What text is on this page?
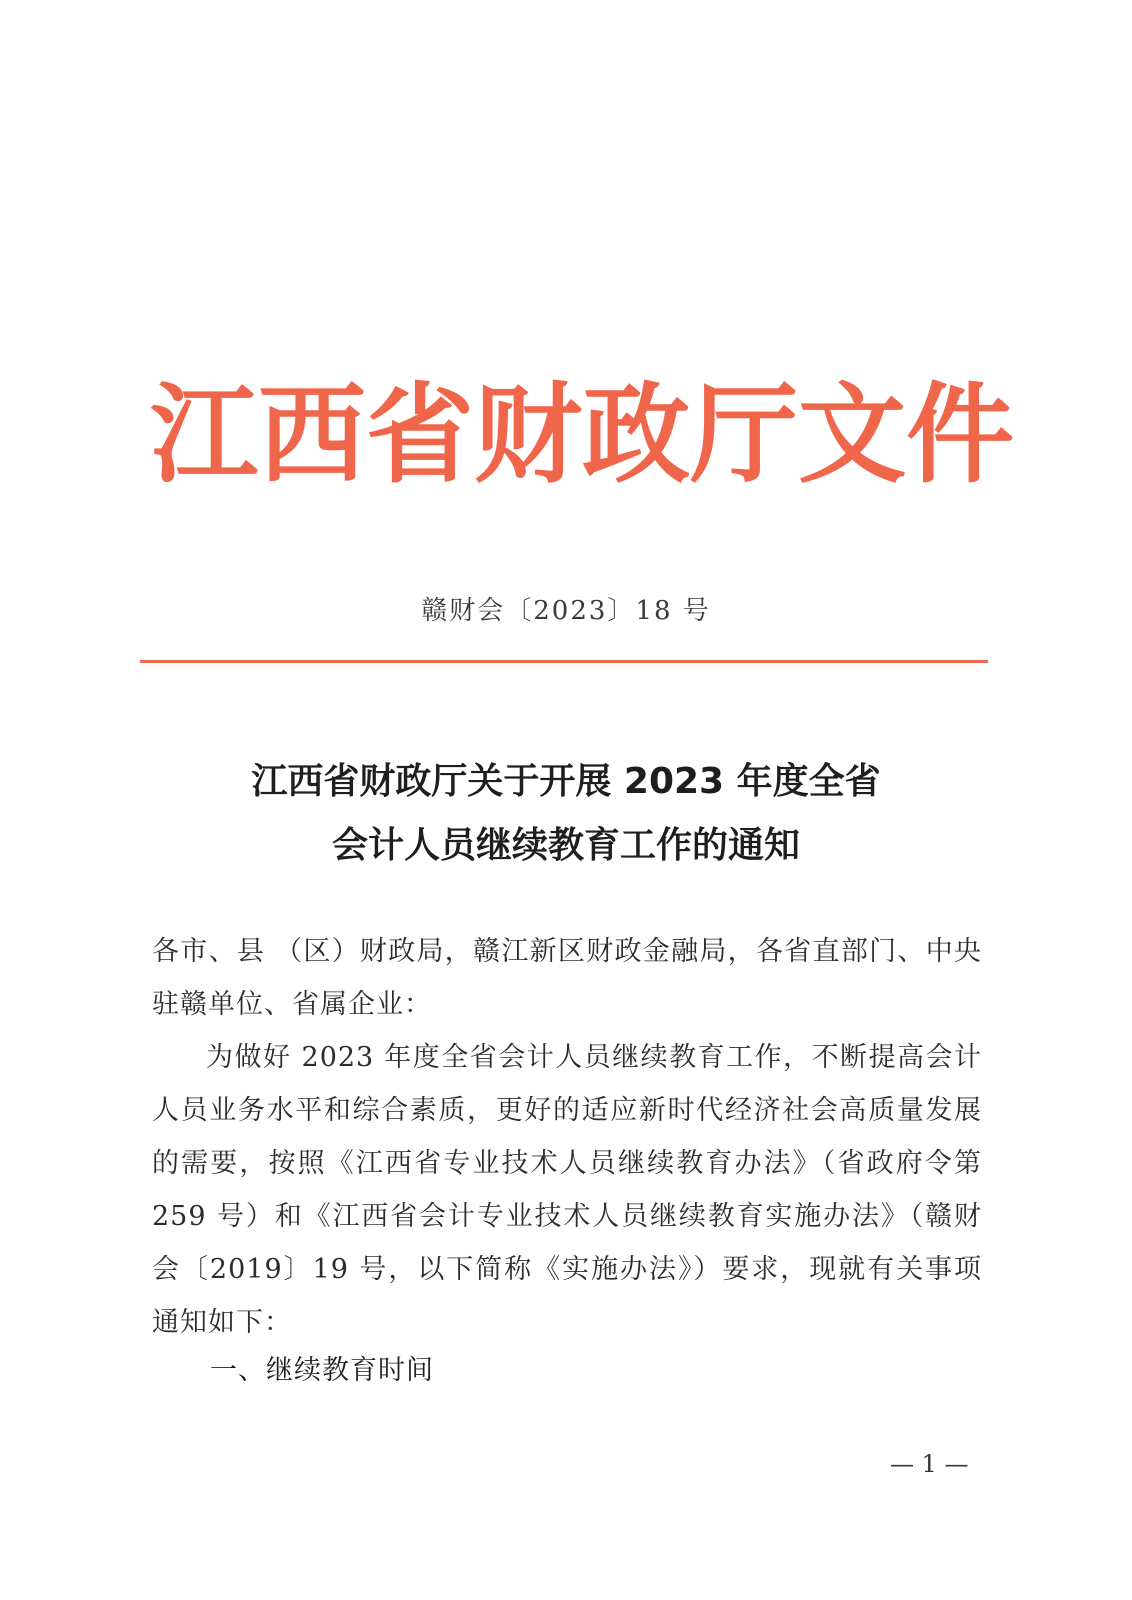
江 西 省 财 政 厅 文 件
赣财会〔2023〕18 号
江西省财政厅关于开展 2023 年度全省
会计人员继续教育工作的通知

各市、县 （区）财政局，赣江新区财政金融局，各省直部门、中央驻赣单位、省属企业：

为做好 2023 年度全省会计人员继续教育工作，不断提高会计人员业务水平和综合素质，更好的适应新时代经济社会高质量发展的需要，按照《江西省专业技术人员继续教育办法》（省政府令第 259 号）和《江西省会计专业技术人员继续教育实施办法》（赣财会〔2019〕19 号，以下简称《实施办法》）要求，现就有关事项通知如下：

一、继续教育时间
— 1 —
